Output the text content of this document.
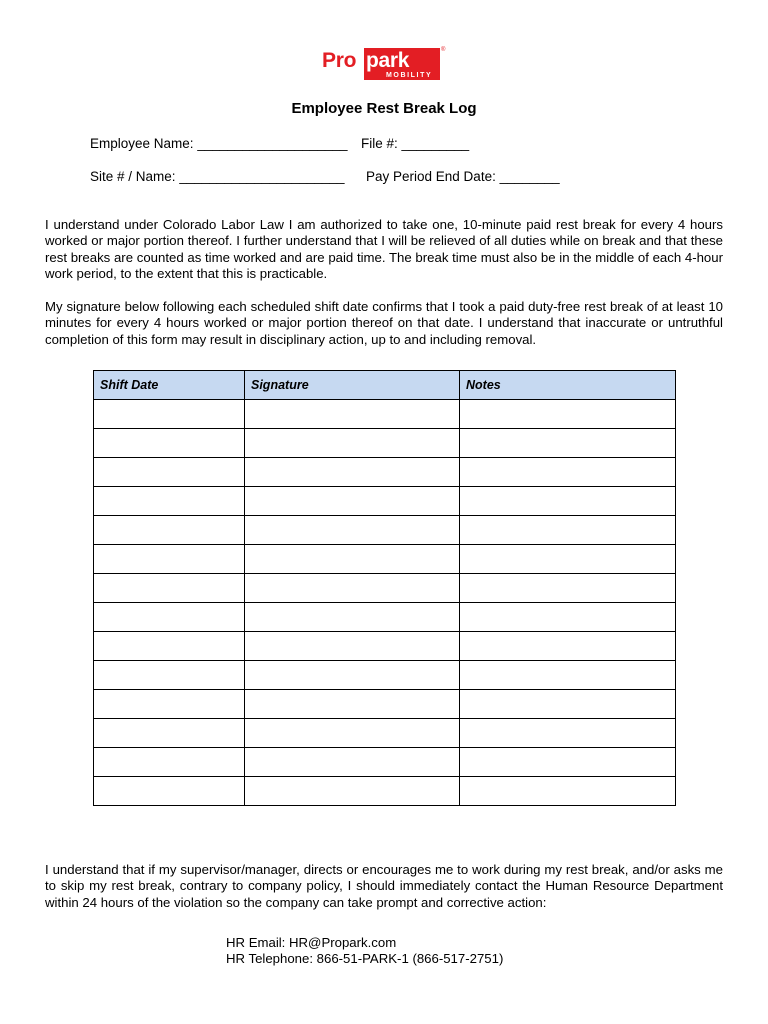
Pro park
MOBILITY
®
Employee Rest Break Log
Employee Name: ____________________ File #: _________
Site # / Name: ______________________ Pay Period End Date: ________
I understand under Colorado Labor Law I am authorized to take one, 10-minute paid rest break for every 4 hours worked or major portion thereof. I further understand that I will be relieved of all duties while on break and that these rest breaks are counted as time worked and are paid time. The break time must also be in the middle of each 4-hour work period, to the extent that this is practicable.
My signature below following each scheduled shift date confirms that I took a paid duty-free rest break of at least 10 minutes for every 4 hours worked or major portion thereof on that date. I understand that inaccurate or untruthful completion of this form may result in disciplinary action, up to and including removal.
Shift Date	Signature	Notes

I understand that if my supervisor/manager, directs or encourages me to work during my rest break, and/or asks me to skip my rest break, contrary to company policy, I should immediately contact the Human Resource Department within 24 hours of the violation so the company can take prompt and corrective action:
HR Email: HR@Propark.com
HR Telephone: 866-51-PARK-1 (866-517-2751)
